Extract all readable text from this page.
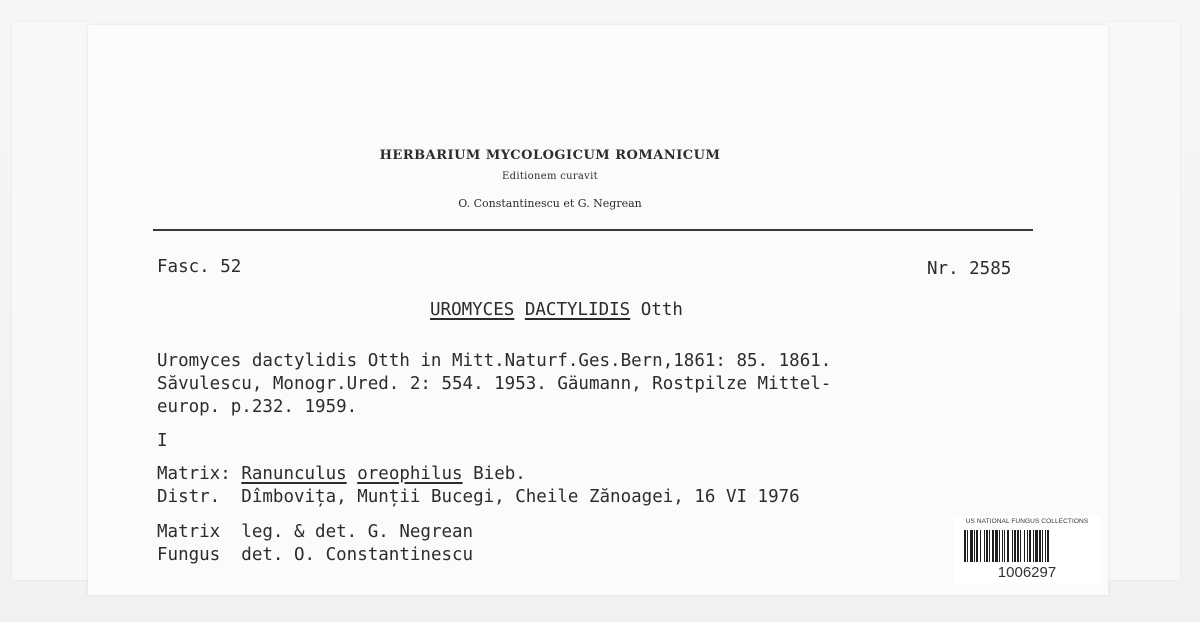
HERBARIUM MYCOLOGICUM ROMANICUM
Editionem curavit
O. Constantinescu et G. Negrean
Fasc. 52	Nr. 2585
UROMYCES DACTYLIDIS Otth
Uromyces dactylidis Otth in Mitt.Naturf.Ges.Bern,1861: 85. 1861.
Săvulescu, Monogr.Ured. 2: 554. 1953. Gäumann, Rostpilze Mittel-
europ. p.232. 1959.
I
Matrix: Ranunculus oreophilus Bieb.
Distr. Dîmbovița, Munții Bucegi, Cheile Zănoagei, 16 VI 1976
Matrix leg. & det. G. Negrean
Fungus det. O. Constantinescu
US NATIONAL FUNGUS COLLECTIONS
1006297
